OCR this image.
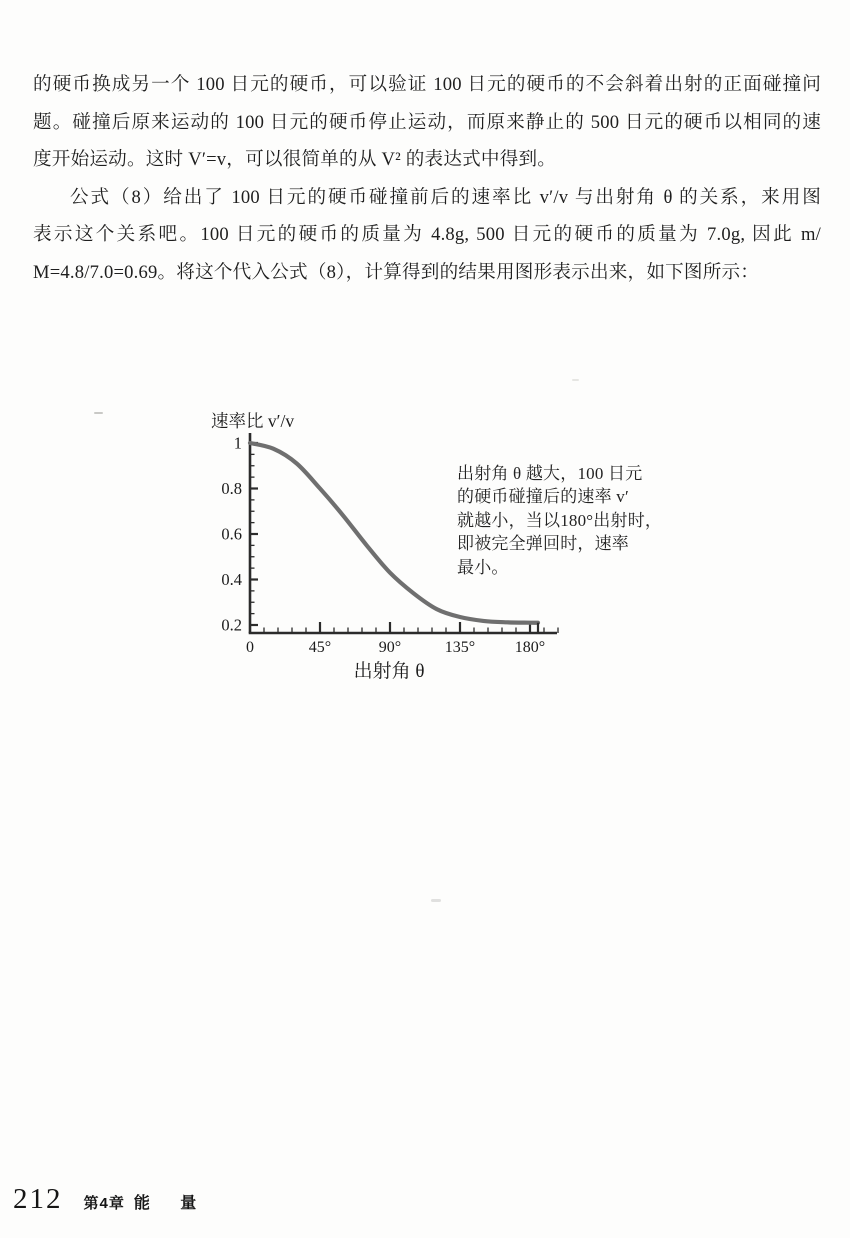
的硬币换成另一个 100 日元的硬币，可以验证 100 日元的硬币的不会斜着出射的正面碰撞问
题。碰撞后原来运动的 100 日元的硬币停止运动，而原来静止的 500 日元的硬币以相同的速
度开始运动。这时 V′=v，可以很简单的从 V² 的表达式中得到。
公式（8）给出了 100 日元的硬币碰撞前后的速率比 v′/v 与出射角 θ 的关系，来用图
表示这个关系吧。100 日元的硬币的质量为 4.8g, 500 日元的硬币的质量为 7.0g, 因此 m/
M=4.8/7.0=0.69。将这个代入公式（8），计算得到的结果用图形表示出来，如下图所示：
1
0.8
0.6
0.4
0.2
0	45°	90°	135° 180°
速率比 v′/v
出射角 θ
出射角 θ 越大，100 日元
的硬币碰撞后的速率 v′
就越小，当以180°出射时，
即被完全弹回时，速率
最小。
212 第4章 能 量
